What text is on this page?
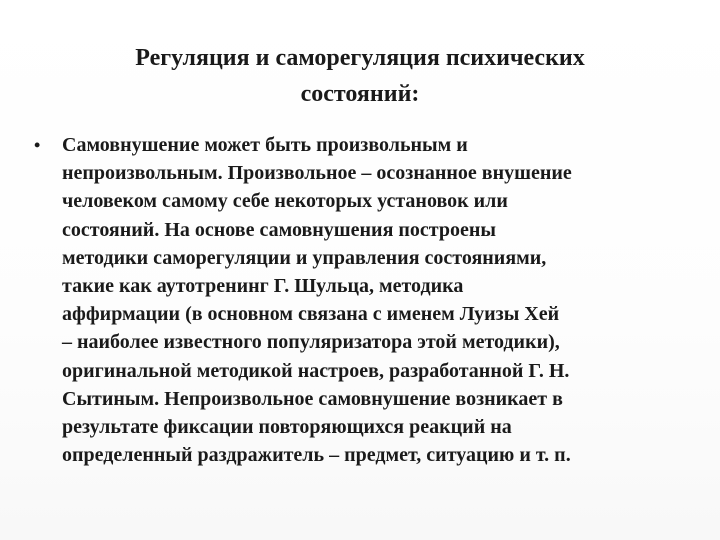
Регуляция и саморегуляция психических
состояний:
• Самовнушение может быть произвольным и
непроизвольным. Произвольное – осознанное внушение
человеком самому себе некоторых установок или
состояний. На основе самовнушения построены
методики саморегуляции и управления состояниями,
такие как аутотренинг Г. Шульца, методика
аффирмации (в основном связана с именем Луизы Хей
– наиболее известного популяризатора этой методики),
оригинальной методикой настроев, разработанной Г. Н.
Сытиным. Непроизвольное самовнушение возникает в
результате фиксации повторяющихся реакций на
определенный раздражитель – предмет, ситуацию и т. п.
